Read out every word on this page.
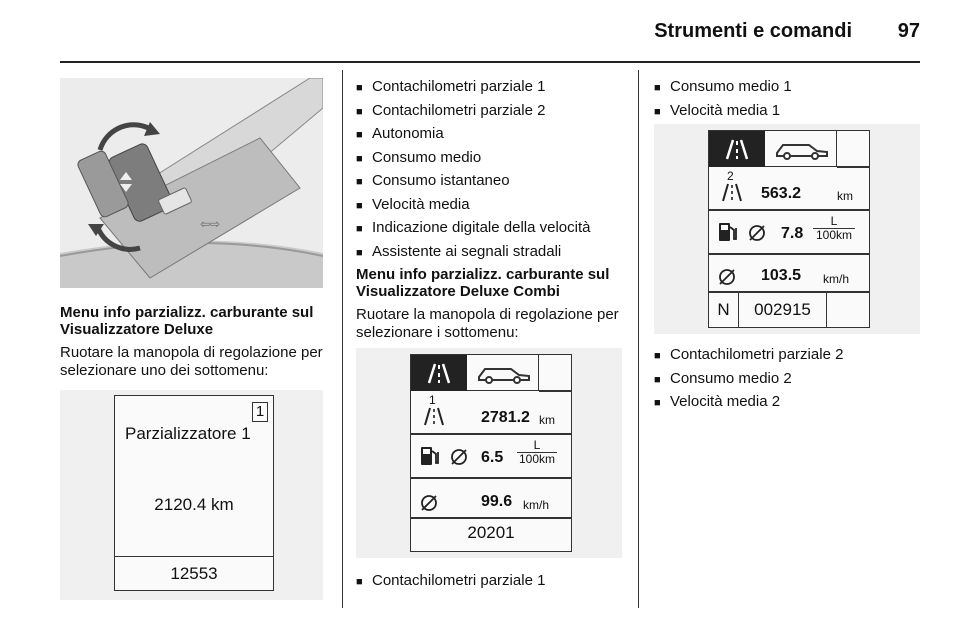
Strumenti e comandi 97
⇦⇨
Menu info parzializz. carburante sul Visualizzatore Deluxe

Ruotare la manopola di regolazione per selezionare uno dei sottomenu:

Parzializzatore 1
1
2120.4 km
12553
■ Contachilometri parziale 1
■ Contachilometri parziale 2
■ Autonomia
■ Consumo medio
■ Consumo istantaneo
■ Velocità media
■ Indicazione digitale della velocità
■ Assistente ai segnali stradali
Menu info parzializz. carburante sul Visualizzatore Deluxe Combi

Ruotare la manopola di regolazione per selezionare i sottomenu:

1
2781.2 km
$6.5 \frac{L}{100km}$
99.6 km/h
20201
■ Contachilometri parziale 1
■ Consumo medio 1
■ Velocità media 1
2
563.2	km
$7.8 \frac{L}{100km}$
103.5 km/h
N	002915
■ Contachilometri parziale 2
■ Consumo medio 2
■ Velocità media 2
